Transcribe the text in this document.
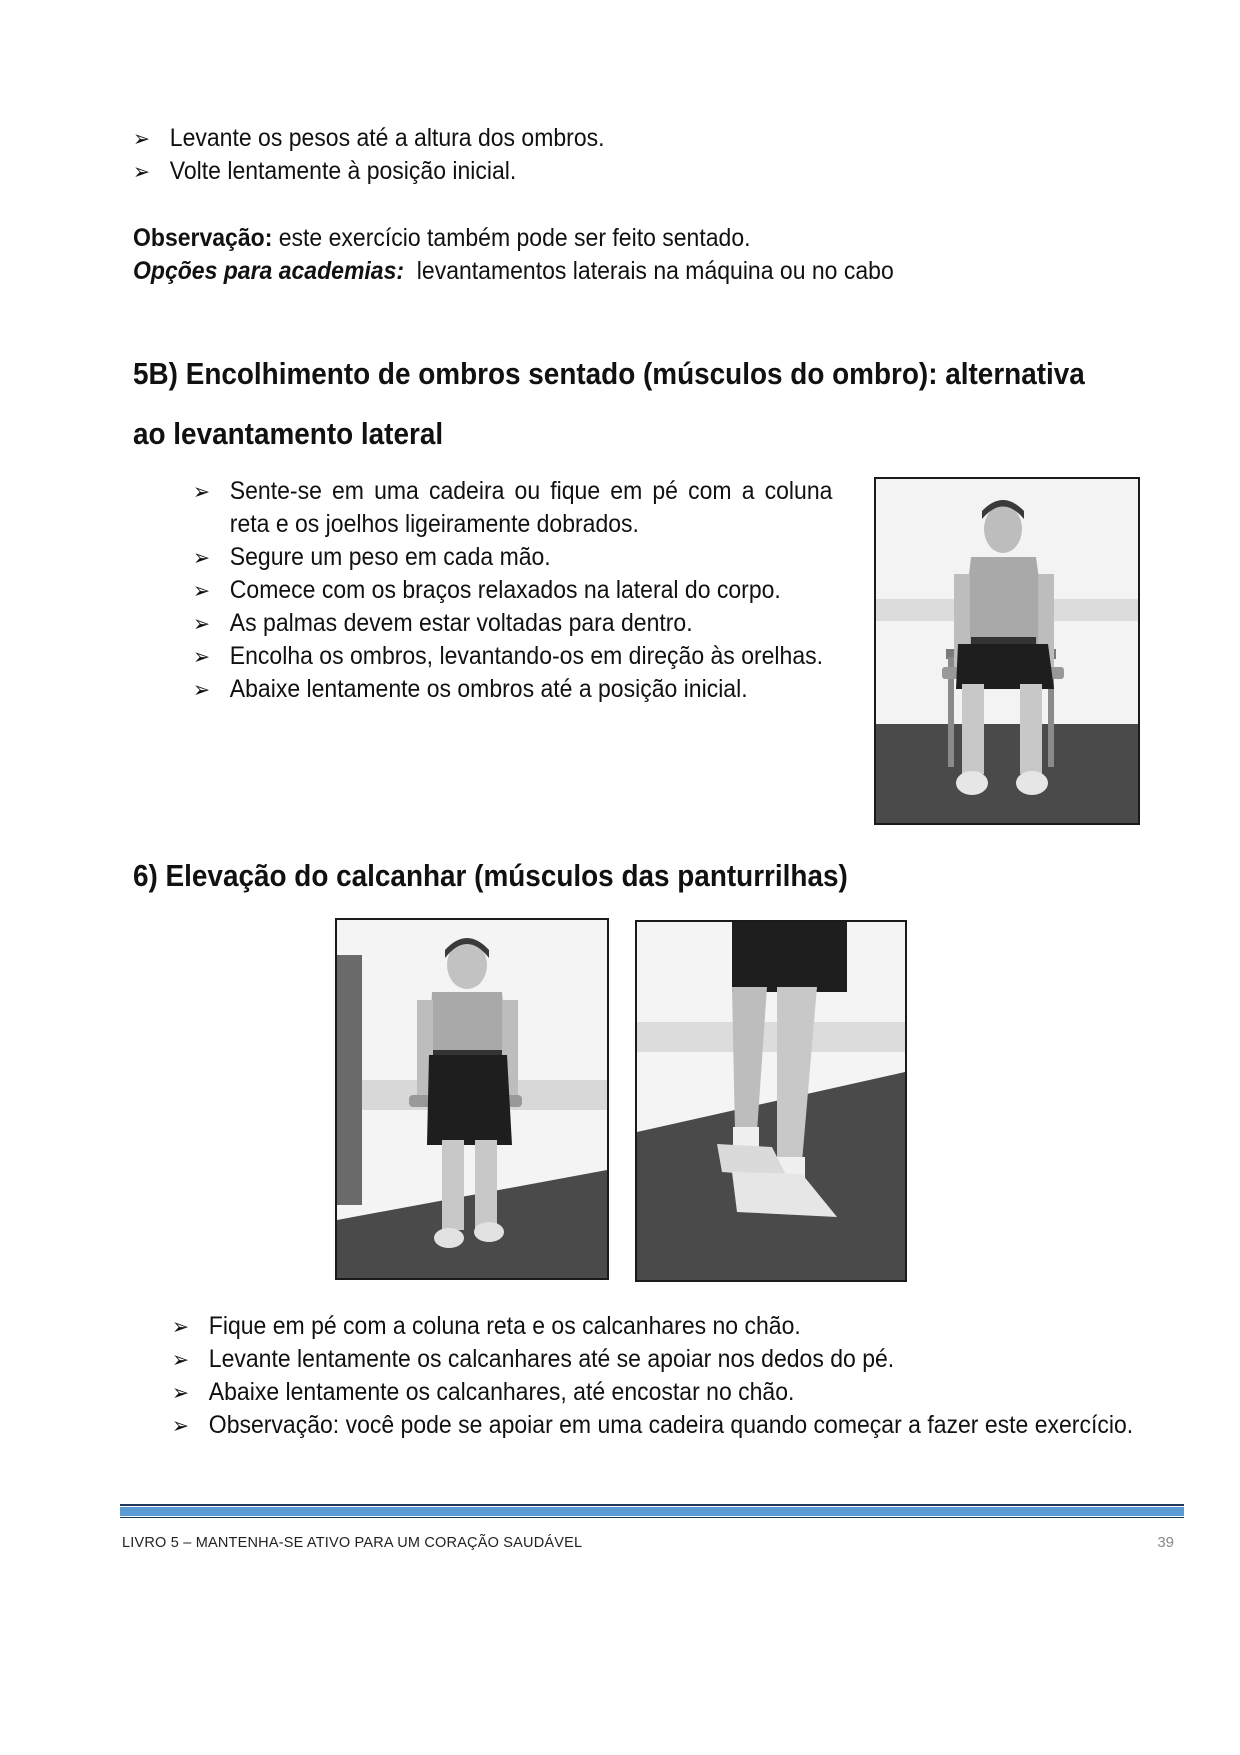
➢ Levante os pesos até a altura dos ombros.
➢ Volte lentamente à posição inicial.
Observação: este exercício também pode ser feito sentado.
Opções para academias:  levantamentos laterais na máquina ou no cabo
5B) Encolhimento de ombros sentado (músculos do ombro): alternativa
ao levantamento lateral
➢ Sente-se em uma cadeira ou fique em pé com a coluna reta e os joelhos ligeiramente dobrados.
➢ Segure um peso em cada mão.
➢ Comece com os braços relaxados na lateral do corpo.
➢ As palmas devem estar voltadas para dentro.
➢ Encolha os ombros, levantando-os em direção às orelhas.
➢ Abaixe lentamente os ombros até a posição inicial.
6) Elevação do calcanhar (músculos das panturrilhas)
➢ Fique em pé com a coluna reta e os calcanhares no chão.
➢ Levante lentamente os calcanhares até se apoiar nos dedos do pé.
➢ Abaixe lentamente os calcanhares, até encostar no chão.
➢ Observação: você pode se apoiar em uma cadeira quando começar a fazer este exercício.
LIVRO 5 – MANTENHA-SE ATIVO PARA UM CORAÇÃO SAUDÁVEL	39
